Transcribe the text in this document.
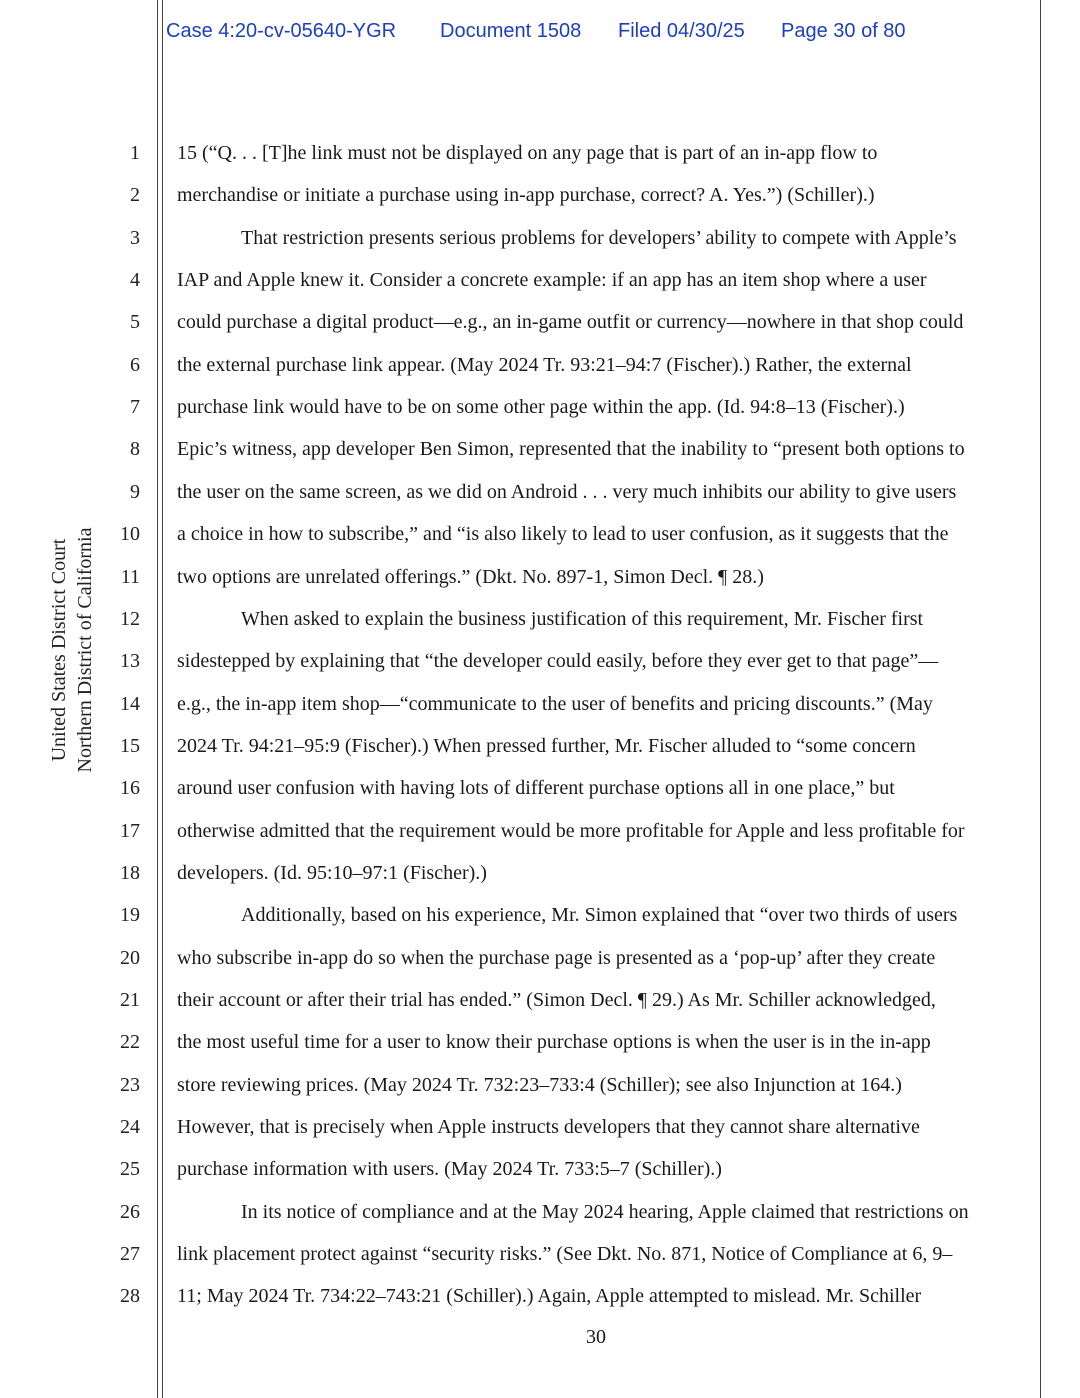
Case 4:20-cv-05640-YGR Document 1508 Filed 04/30/25 Page 30 of 80
United States District Court Northern District of California
1 15 (“Q. . . [T]he link must not be displayed on any page that is part of an in-app flow to
2 merchandise or initiate a purchase using in-app purchase, correct? A. Yes.”) (Schiller).)
3	That restriction presents serious problems for developers’ ability to compete with Apple’s
4 IAP and Apple knew it. Consider a concrete example: if an app has an item shop where a user
5 could purchase a digital product—e.g., an in-game outfit or currency—nowhere in that shop could
6 the external purchase link appear. (May 2024 Tr. 93:21–94:7 (Fischer).) Rather, the external
7 purchase link would have to be on some other page within the app. (Id. 94:8–13 (Fischer).)
8 Epic’s witness, app developer Ben Simon, represented that the inability to “present both options to
9 the user on the same screen, as we did on Android . . . very much inhibits our ability to give users
10 a choice in how to subscribe,” and “is also likely to lead to user confusion, as it suggests that the
11 two options are unrelated offerings.” (Dkt. No. 897-1, Simon Decl. ¶ 28.)
12	When asked to explain the business justification of this requirement, Mr. Fischer first
13 sidestepped by explaining that “the developer could easily, before they ever get to that page”—
14 e.g., the in-app item shop—“communicate to the user of benefits and pricing discounts.” (May
15 2024 Tr. 94:21–95:9 (Fischer).) When pressed further, Mr. Fischer alluded to “some concern
16 around user confusion with having lots of different purchase options all in one place,” but
17 otherwise admitted that the requirement would be more profitable for Apple and less profitable for
18 developers. (Id. 95:10–97:1 (Fischer).)
19	Additionally, based on his experience, Mr. Simon explained that “over two thirds of users
20 who subscribe in-app do so when the purchase page is presented as a ‘pop-up’ after they create
21 their account or after their trial has ended.” (Simon Decl. ¶ 29.) As Mr. Schiller acknowledged,
22 the most useful time for a user to know their purchase options is when the user is in the in-app
23 store reviewing prices. (May 2024 Tr. 732:23–733:4 (Schiller); see also Injunction at 164.)
24 However, that is precisely when Apple instructs developers that they cannot share alternative
25 purchase information with users. (May 2024 Tr. 733:5–7 (Schiller).)
26	In its notice of compliance and at the May 2024 hearing, Apple claimed that restrictions on
27 link placement protect against “security risks.” (See Dkt. No. 871, Notice of Compliance at 6, 9–
28 11; May 2024 Tr. 734:22–743:21 (Schiller).) Again, Apple attempted to mislead. Mr. Schiller
30
